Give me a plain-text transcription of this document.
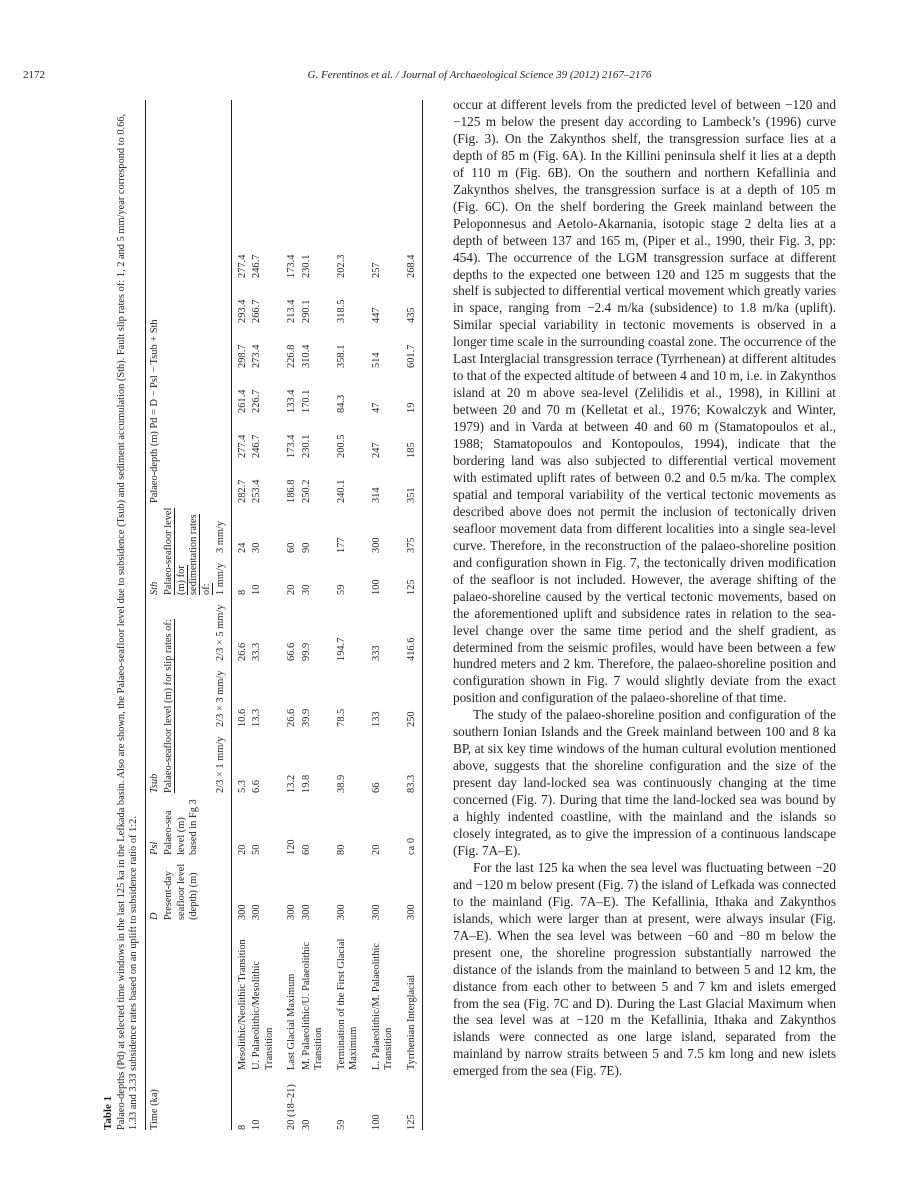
2172	G. Ferentinos et al. / Journal of Archaeological Science 39 (2012) 2167–2176
Table 1 Palaeo-depths (Pd) at selected time windows in the last 125 ka in the Lefkada basin. Also are shown, the Palaeo-seafloor level due to subsidence (Tsub) and sediment accumulation (Sth). Fault slip rates of: 1, 2 and 5 mm/year correspond to 0.66, 1.33 and 3.33 subsidence rates based on an uplift to subsidence ratio of 1:2. Time (ka)		D	Psl	Tsub			Sth		Palaeo-depth (m) Pd = D − Psl − Tsub + Sth					
		Present-day seafloor level (depth) (m)	Palaeo-sea level (m) based in Fg 3	Palaeo-seafloor level (m) for slip rates of:			Palaeo-seafloor level (m) for sedimentation rates of:							
				2/3 × 1 mm/y	2/3 × 3 mm/y	2/3 × 5 mm/y	1 mm/y	3 mm/y						
8	Mesolithic/Neolithic Transition	300	20	5.3	10.6	26.6	8	24	282.7	277.4	261.4	298.7	293.4	277.4
10	U. Palaeolithic/Mesolithic Transition	300	50	6.6	13.3	33.3	10	30	253.4	246.7	226.7	273.4	266.7	246.7
20 (18–21)	Last Glacial Maximum	300	120	13.2	26.6	66.6	20	60	186.8	173.4	133.4	226.8	213.4	173.4
30	M. Palaeolithic/U. Palaeolithic Transition	300	60	19.8	39.9	99.9	30	90	250.2	230.1	170.1	310.4	290.1	230.1
59	Termination of the First Glacial Maximum	300	80	38.9	78.5	194.7	59	177	240.1	200.5	84.3	358.1	318.5	202.3
100	L. Palaeolithic/M. Palaeolithic Transition	300	20	66	133	333	100	300	314	247	47	514	447	257
125	Tyrrhenian Interglacial	300	ca 0	83.3	250	416.6	125	375	351	185	19	601.7	435	268.4

occur at different levels from the predicted level of between −120 and −125 m below the present day according to Lambeck’s (1996) curve (Fig. 3). On the Zakynthos shelf, the transgression surface lies at a depth of 85 m (Fig. 6A). In the Killini peninsula shelf it lies at a depth of 110 m (Fig. 6B). On the southern and northern Kefallinia and Zakynthos shelves, the transgression surface is at a depth of 105 m (Fig. 6C). On the shelf bordering the Greek mainland between the Peloponnesus and Aetolo-Akarnania, isotopic stage 2 delta lies at a depth of between 137 and 165 m, (Piper et al., 1990, their Fig. 3, pp: 454). The occurrence of the LGM transgression surface at different depths to the expected one between 120 and 125 m suggests that the shelf is subjected to differential vertical movement which greatly varies in space, ranging from −2.4 m/ka (subsidence) to 1.8 m/ka (uplift). Similar special variability in tectonic movements is observed in a longer time scale in the surrounding coastal zone. The occurrence of the Last Interglacial transgression terrace (Tyrrhenean) at different altitudes to that of the expected altitude of between 4 and 10 m, i.e. in Zakynthos island at 20 m above sea-level (Zelilidis et al., 1998), in Killini at between 20 and 70 m (Kelletat et al., 1976; Kowalczyk and Winter, 1979) and in Varda at between 40 and 60 m (Stamatopoulos et al., 1988; Stamatopoulos and Kontopoulos, 1994), indicate that the bordering land was also subjected to differential vertical movement with estimated uplift rates of between 0.2 and 0.5 m/ka. The complex spatial and temporal variability of the vertical tectonic movements as described above does not permit the inclusion of tectonically driven seafloor movement data from different localities into a single sea-level curve. Therefore, in the reconstruction of the palaeo-shoreline position and configuration shown in Fig. 7, the tectonically driven modification of the seafloor is not included. However, the average shifting of the palaeo-shoreline caused by the vertical tectonic movements, based on the aforementioned uplift and subsidence rates in relation to the sea-level change over the same time period and the shelf gradient, as determined from the seismic profiles, would have been between a few hundred meters and 2 km. Therefore, the palaeo-shoreline position and configuration shown in Fig. 7 would slightly deviate from the exact position and configuration of the palaeo-shoreline of that time.

The study of the palaeo-shoreline position and configuration of the southern Ionian Islands and the Greek mainland between 100 and 8 ka BP, at six key time windows of the human cultural evolution mentioned above, suggests that the shoreline configuration and the size of the present day land-locked sea was continuously changing at the time concerned (Fig. 7). During that time the land-locked sea was bound by a highly indented coastline, with the mainland and the islands so closely integrated, as to give the impression of a continuous landscape (Fig. 7A–E).

For the last 125 ka when the sea level was fluctuating between −20 and −120 m below present (Fig. 7) the island of Lefkada was connected to the mainland (Fig. 7A–E). The Kefallinia, Ithaka and Zakynthos islands, which were larger than at present, were always insular (Fig. 7A–E). When the sea level was between −60 and −80 m below the present one, the shoreline progression substantially narrowed the distance of the islands from the mainland to between 5 and 12 km, the distance from each other to between 5 and 7 km and islets emerged from the sea (Fig. 7C and D). During the Last Glacial Maximum when the sea level was at −120 m the Kefallinia, Ithaka and Zakynthos islands were connected as one large island, separated from the mainland by narrow straits between 5 and 7.5 km long and new islets emerged from the sea (Fig. 7E).
